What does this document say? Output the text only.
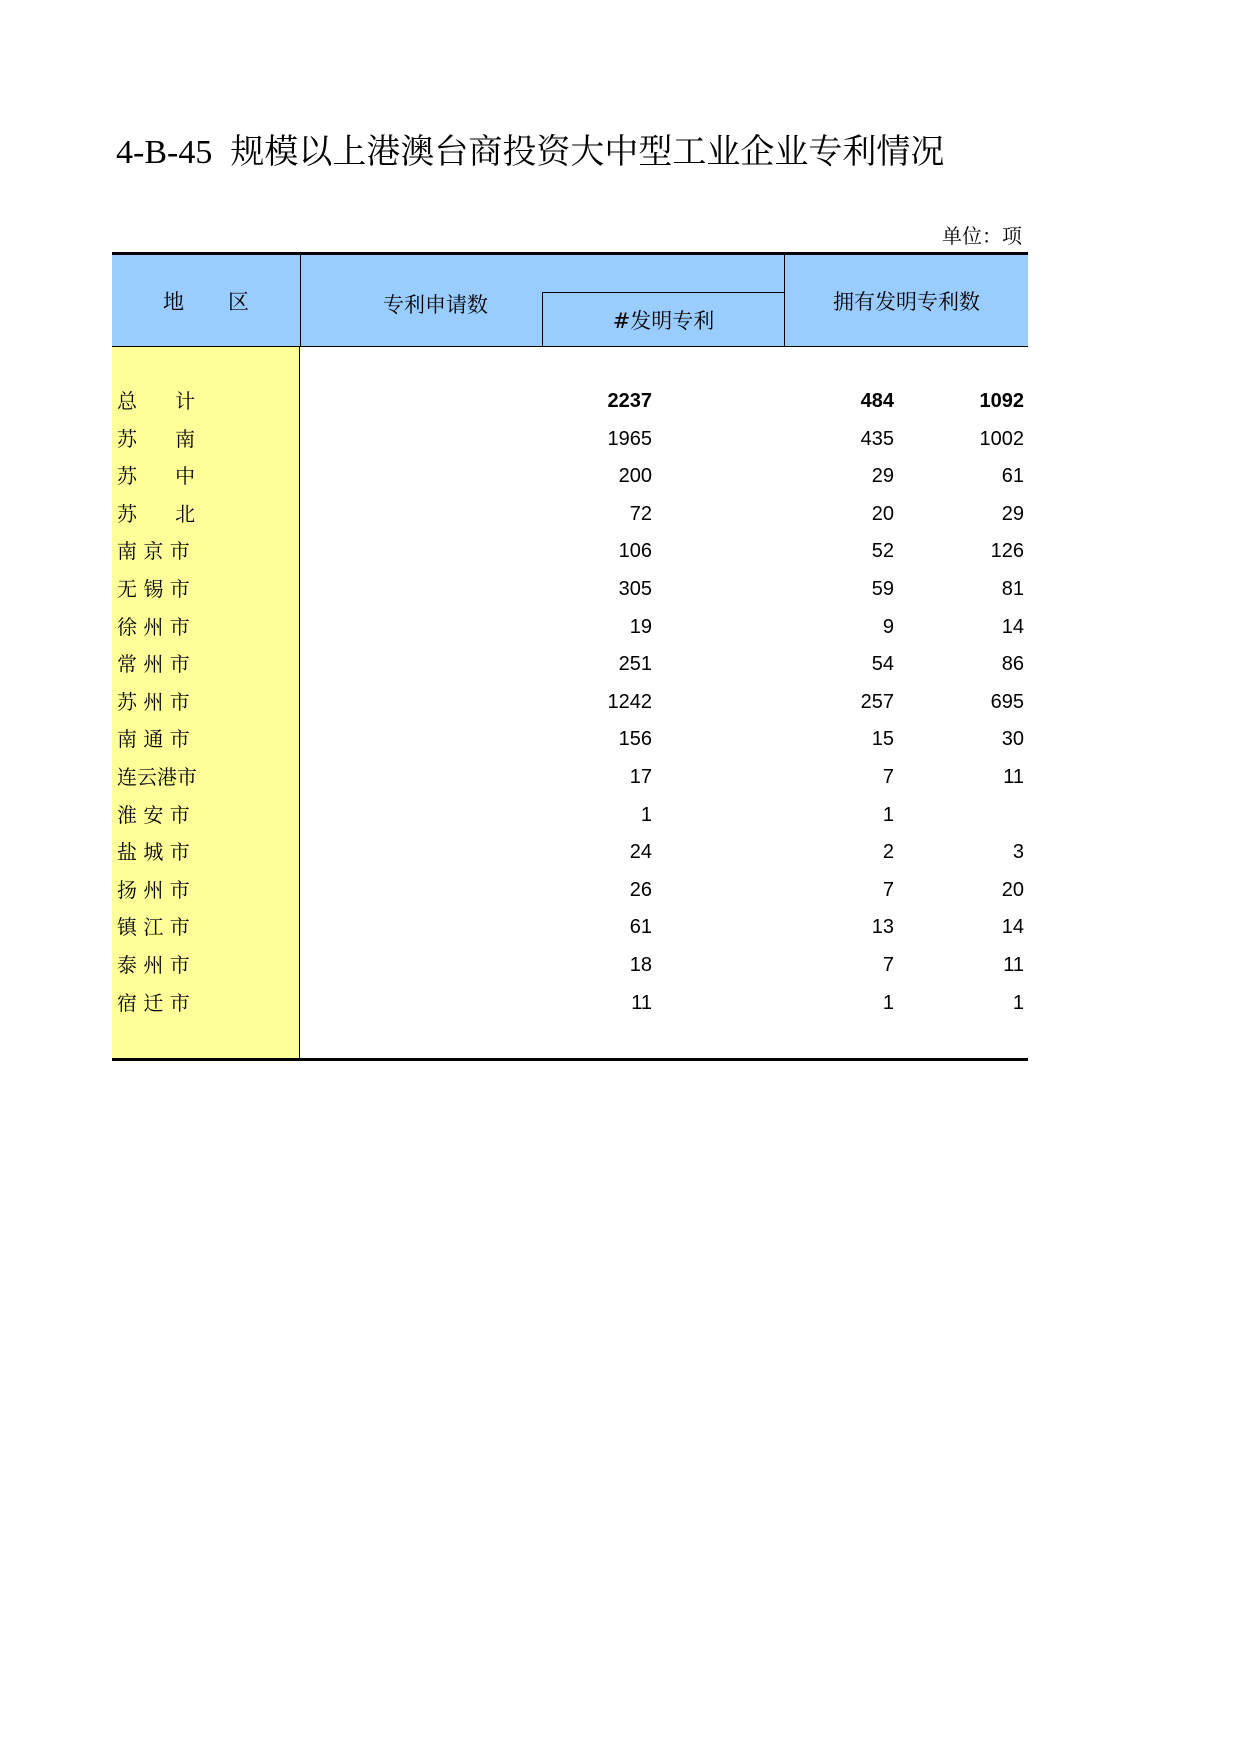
4-B-45 规模以上港澳台商投资大中型工业企业专利情况
单位：项
地 区	专利申请数
#发明专利
拥有发明专利数
总      计	2237	484	1092
苏      南	1965	435	1002
苏      中	200	29	61
苏      北	72	20	29
南 京 市	106	52	126
无 锡 市	305	59	81
徐 州 市	19	9	14
常 州 市	251	54	86
苏 州 市	1242	257	695
南 通 市	156	15	30
连云港市	17	7	11
淮 安 市	1	1
盐 城 市	24	2	3
扬 州 市	26	7	20
镇 江 市	61	13	14
泰 州 市	18	7	11
宿 迁 市	11	1	1
